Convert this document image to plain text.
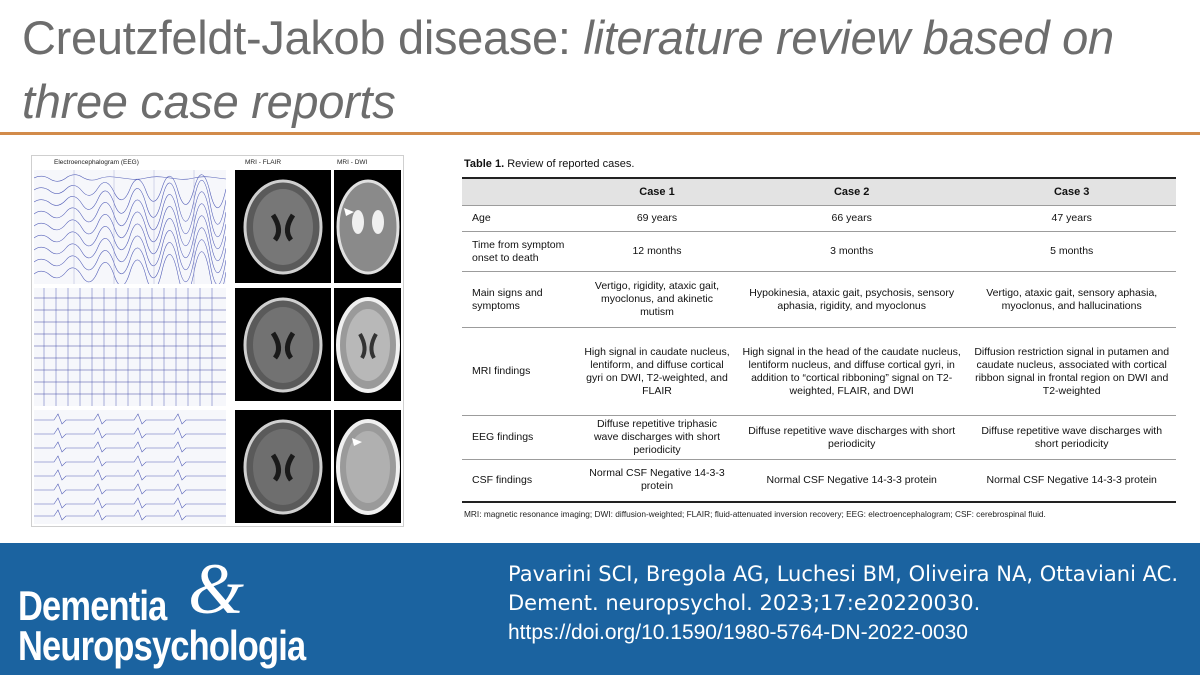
Creutzfeldt-Jakob disease: literature review based on three case reports
Electroencephalogram (EEG)	MRI - FLAIR	MRI - DWI	Table 1. Review of reported cases.
	Case 1	Case 2	Case 3
Age	69 years	66 years	47 years
Time from symptom onset to death	12 months	3 months	5 months
Main signs and symptoms	Vertigo, rigidity, ataxic gait, myoclonus, and akinetic mutism	Hypokinesia, ataxic gait, psychosis, sensory aphasia, rigidity, and myoclonus	Vertigo, ataxic gait, sensory aphasia, myoclonus, and hallucinations
MRI findings	High signal in caudate nucleus, lentiform, and diffuse cortical gyri on DWI, T2-weighted, and FLAIR	High signal in the head of the caudate nucleus, lentiform nucleus, and diffuse cortical gyri, in addition to “cortical ribboning” signal on T2-weighted, FLAIR, and DWI	Diffusion restriction signal in putamen and caudate nucleus, associated with cortical ribbon signal in frontal region on DWI and T2-weighted
EEG findings	Diffuse repetitive triphasic wave discharges with short periodicity	Diffuse repetitive wave discharges with short periodicity	Diffuse repetitive wave discharges with short periodicity
CSF findings	Normal CSF Negative 14-3-3 protein	Normal CSF Negative 14-3-3 protein	Normal CSF Negative 14-3-3 protein
MRI: magnetic resonance imaging; DWI: diffusion-weighted; FLAIR; fluid-attenuated inversion recovery; EEG: electroencephalogram; CSF: cerebrospinal fluid.
&
Dementia
Neuropsychologia
Pavarini SCI, Bregola AG, Luchesi BM, Oliveira NA, Ottaviani AC. Dement. neuropsychol. 2023;17:e20220030.
https://doi.org/10.1590/1980-5764-DN-2022-0030
